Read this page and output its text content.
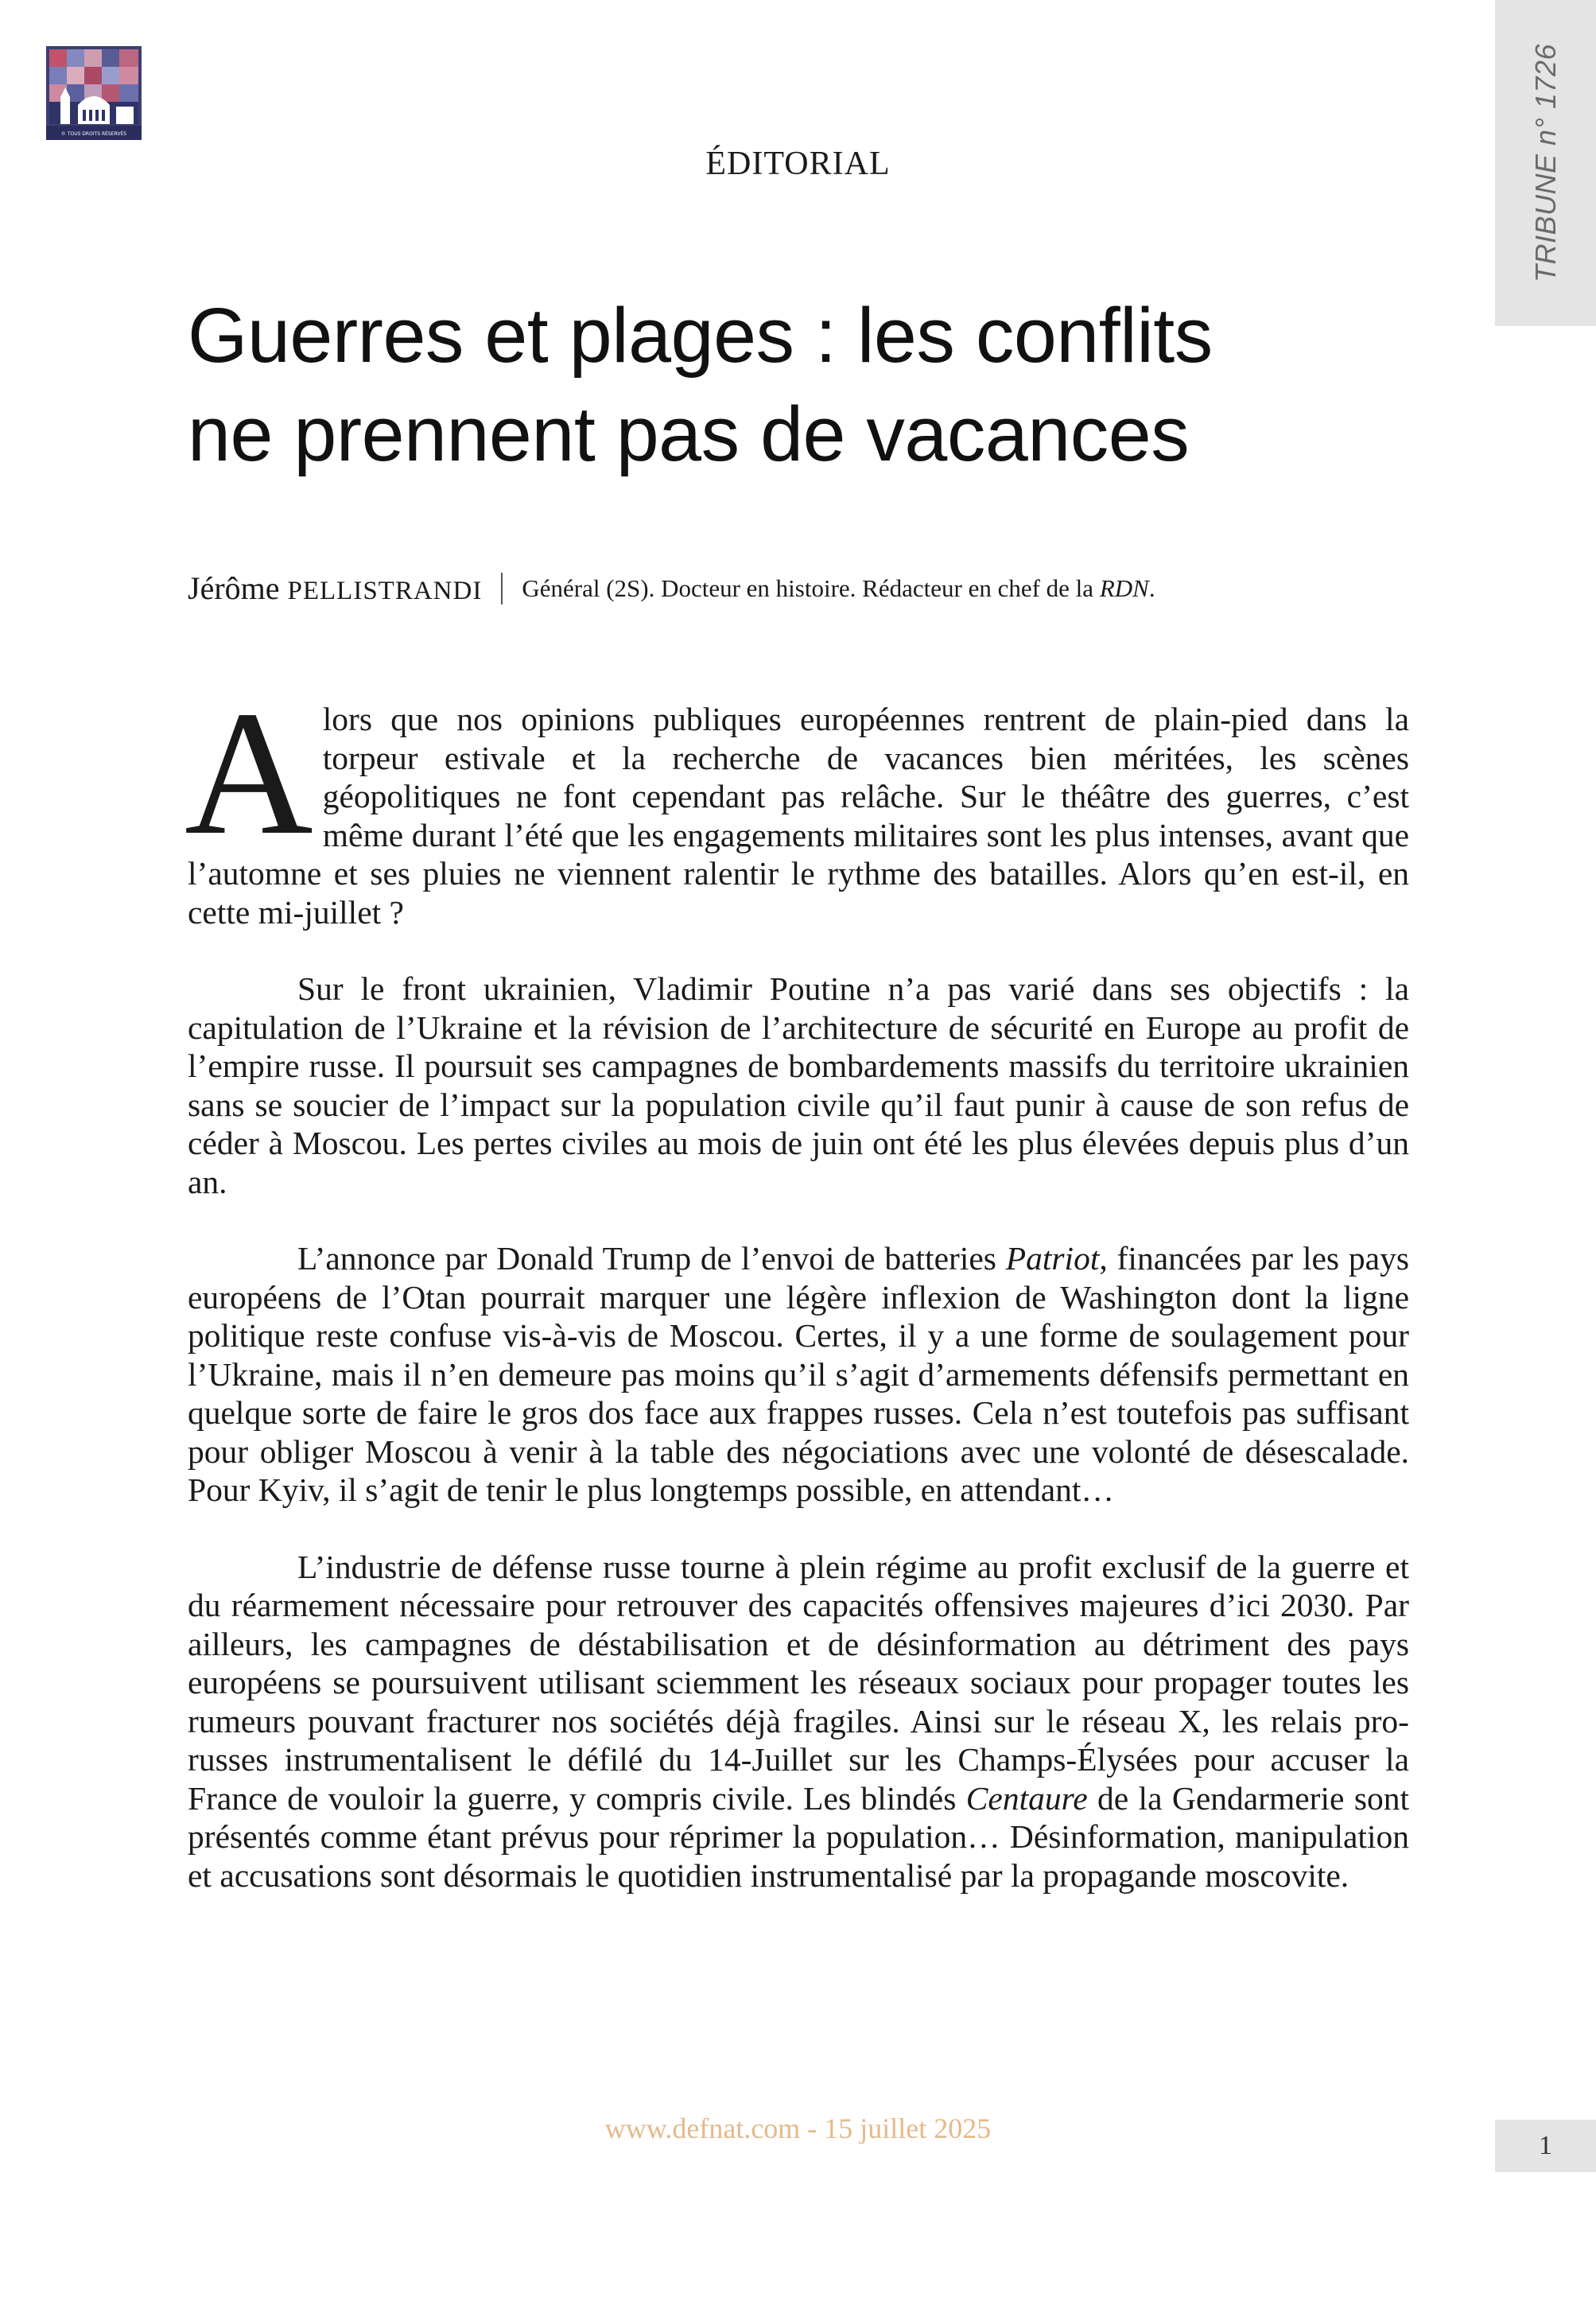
© TOUS DROITS RÉSERVÉS	TRIBUNE n° 1726
ÉDITORIAL
Guerres et plages : les conflits
ne prennent pas de vacances
Jérôme PELLISTRANDI Général (2S). Docteur en histoire. Rédacteur en chef de la RDN.

Alors que nos opinions publiques européennes rentrent de plain-pied dans la torpeur estivale et la recherche de vacances bien méritées, les scènes géopolitiques ne font cependant pas relâche. Sur le théâtre des guerres, c’est même durant l’été que les engagements militaires sont les plus intenses, avant que l’automne et ses pluies ne viennent ralentir le rythme des batailles. Alors qu’en est-il, en cette mi-juillet ?

Sur le front ukrainien, Vladimir Poutine n’a pas varié dans ses objectifs : la capitulation de l’Ukraine et la révision de l’architecture de sécurité en Europe au profit de l’empire russe. Il poursuit ses campagnes de bombardements massifs du territoire ukrainien sans se soucier de l’impact sur la population civile qu’il faut punir à cause de son refus de céder à Moscou. Les pertes civiles au mois de juin ont été les plus élevées depuis plus d’un an.

L’annonce par Donald Trump de l’envoi de batteries Patriot, financées par les pays européens de l’Otan pourrait marquer une légère inflexion de Washington dont la ligne politique reste confuse vis-à-vis de Moscou. Certes, il y a une forme de soulagement pour l’Ukraine, mais il n’en demeure pas moins qu’il s’agit d’armements défensifs permettant en quelque sorte de faire le gros dos face aux frappes russes. Cela n’est toutefois pas suffisant pour obliger Moscou à venir à la table des négociations avec une volonté de désescalade. Pour Kyiv, il s’agit de tenir le plus longtemps possible, en attendant…

L’industrie de défense russe tourne à plein régime au profit exclusif de la guerre et du réarmement nécessaire pour retrouver des capacités offensives majeures d’ici 2030. Par ailleurs, les campagnes de déstabilisation et de désinformation au détriment des pays européens se poursuivent utilisant sciemment les réseaux sociaux pour propager toutes les rumeurs pouvant fracturer nos sociétés déjà fragiles. Ainsi sur le réseau X, les relais pro-russes instrumentalisent le défilé du 14-Juillet sur les Champs-Élysées pour accuser la France de vouloir la guerre, y compris civile. Les blindés Centaure de la Gendarmerie sont présentés comme étant prévus pour réprimer la population… Désinformation, manipulation et accusations sont désormais le quotidien instrumentalisé par la propagande moscovite.

www.defnat.com - 15 juillet 2025
1
